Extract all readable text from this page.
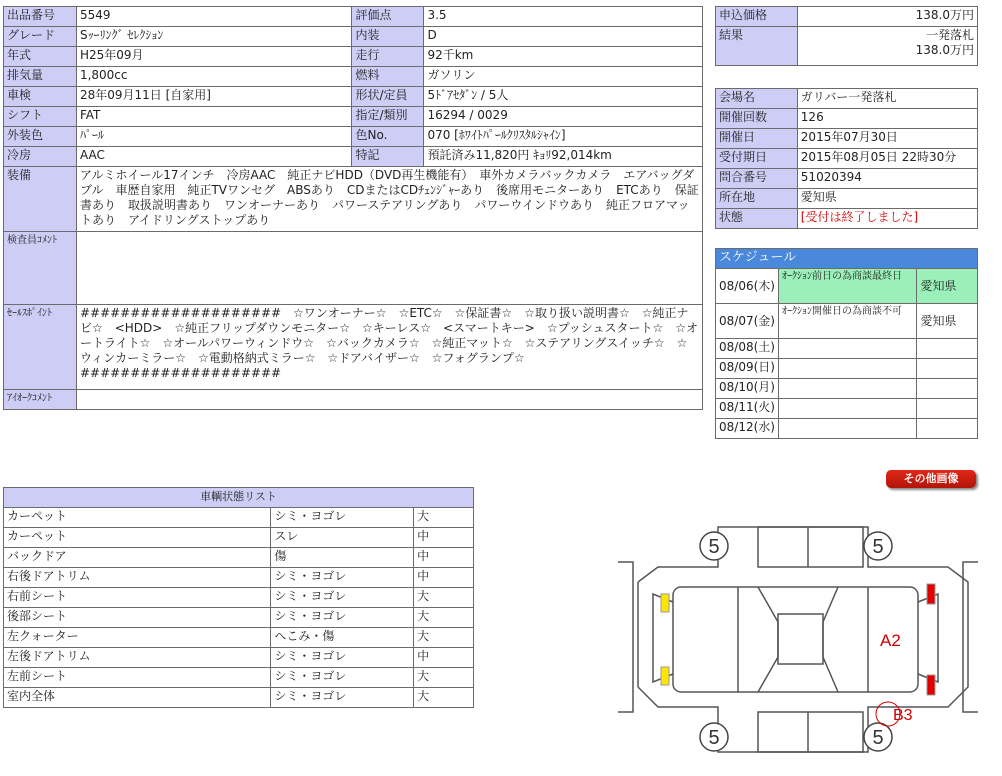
出品番号	5549	評価点	3.5
グレード	Sｯｰﾘﾝｸﾞ ｾﾚｸｼｮﾝ	内装	D
年式	H25年09月	走行	92千km
排気量	1,800cc	燃料	ガソリン
車検	28年09月11日 [自家用]	形状/定員	5ﾄﾞｱｾﾀﾞﾝ / 5人
シフト	FAT	指定/類別	16294 / 0029
外装色	ﾊﾟｰﾙ	色No.	070 [ﾎﾜｲﾄﾊﾟｰﾙｸﾘｽﾀﾙｼｬｲﾝ]
冷房	AAC	特記	預託済み11,820円 ｷｮﾘ92,014km
装備	アルミホイール17インチ　冷房AAC　純正ナビHDD（DVD再生機能有）　車外カメラバックカメラ　エアバッグダブル　車歴自家用　純正TVワンセグ　ABSあり　CDまたはCDﾁｪﾝｼﾞｬｰあり　後席用モニターあり　ETCあり　保証書あり　取扱説明書あり　ワンオーナーあり　パワーステアリングあり　パワーウインドウあり　純正フロアマットあり　アイドリングストップあり		
検査員ｺﾒﾝﾄ			
ｾｰﾙｽﾎﾟｲﾝﾄ	####################　☆ワンオーナー☆　☆ETC☆　☆保証書☆　☆取り扱い説明書☆　☆純正ナビ☆　<HDD>　☆純正フリップダウンモニター☆　☆キーレス☆　<スマートキー>　☆プッシュスタート☆　☆オートライト☆　☆オールパワーウィンドウ☆　☆バックカメラ☆　☆純正マット☆　☆ステアリングスイッチ☆　☆ウィンカーミラー☆　☆電動格納式ミラー☆　☆ドアバイザー☆　☆フォグランプ☆　####################		
ｱｲｵｰｸｺﾒﾝﾄ			
申込価格	138.0万円
結果	一発落札
138.0万円
会場名	ガリバー一発落札
開催回数	126
開催日	2015年07月30日
受付期日	2015年08月05日 22時30分
問合番号	51020394
所在地	愛知県
状態	[受付は終了しました]
スケジュール		
08/06(木)	ｵｰｸｼｮﾝ前日の為商談最終日	愛知県
08/07(金)	ｵｰｸｼｮﾝ開催日の為商談不可	愛知県
08/08(土)		
08/09(日)		
08/10(月)		
08/11(火)		
08/12(水)		
その他画像
車輌状態リスト		
カーペット	シミ・ヨゴレ	大
カーペット	スレ	中
バックドア	傷	中
右後ドアトリム	シミ・ヨゴレ	中
右前シート	シミ・ヨゴレ	大
後部シート	シミ・ヨゴレ	大
左クォーター	へこみ・傷	大
左後ドアトリム	シミ・ヨゴレ	中
左前シート	シミ・ヨゴレ	大
室内全体	シミ・ヨゴレ	大
5	5
5	5
A2
B3
